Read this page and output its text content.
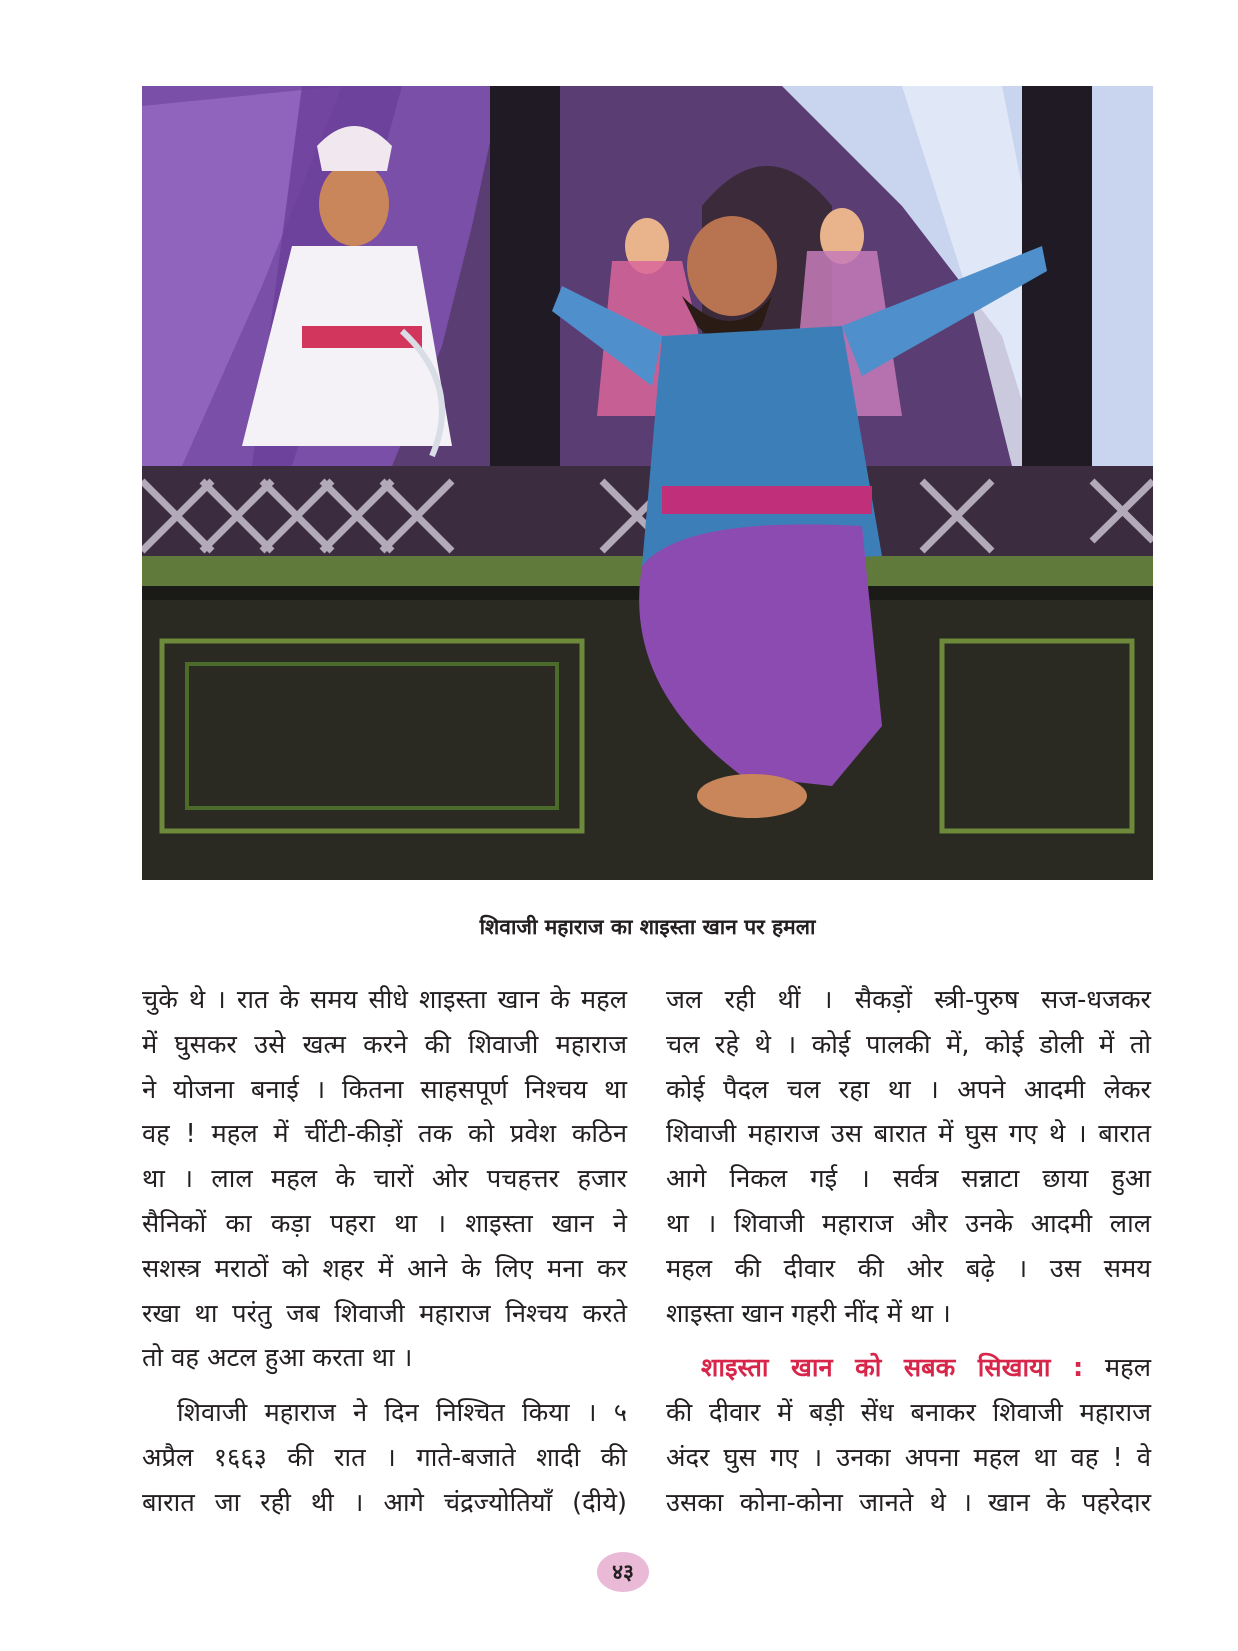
शिवाजी महाराज का शाइस्ता खान पर हमला

चुके थे । रात के समय सीधे शाइस्ता खान के महल

में घुसकर उसे खत्म करने की शिवाजी महाराज

ने योजना बनाई । कितना साहसपूर्ण निश्चय था

वह ! महल में चींटी-कीड़ों तक को प्रवेश कठिन

था । लाल महल के चारों ओर पचहत्तर हजार

सैनिकों का कड़ा पहरा था । शाइस्ता खान ने

सशस्त्र मराठों को शहर में आने के लिए मना कर

रखा था परंतु जब शिवाजी महाराज निश्चय करते

तो वह अटल हुआ करता था ।

शिवाजी महाराज ने दिन निश्चित किया । ५

अप्रैल १६६३ की रात । गाते-बजाते शादी की

बारात जा रही थी । आगे चंद्रज्योतियाँ (दीये)

जल रही थीं । सैकड़ों स्त्री-पुरुष सज-धजकर

चल रहे थे । कोई पालकी में, कोई डोली में तो

कोई पैदल चल रहा था । अपने आदमी लेकर

शिवाजी महाराज उस बारात में घुस गए थे । बारात

आगे निकल गई । सर्वत्र सन्नाटा छाया हुआ

था । शिवाजी महाराज और उनके आदमी लाल

महल की दीवार की ओर बढ़े । उस समय

शाइस्ता खान गहरी नींद में था ।

शाइस्ता खान को सबक सिखाया : महल

की दीवार में बड़ी सेंध बनाकर शिवाजी महाराज

अंदर घुस गए । उनका अपना महल था वह ! वे

उसका कोना-कोना जानते थे । खान के पहरेदार

४३
